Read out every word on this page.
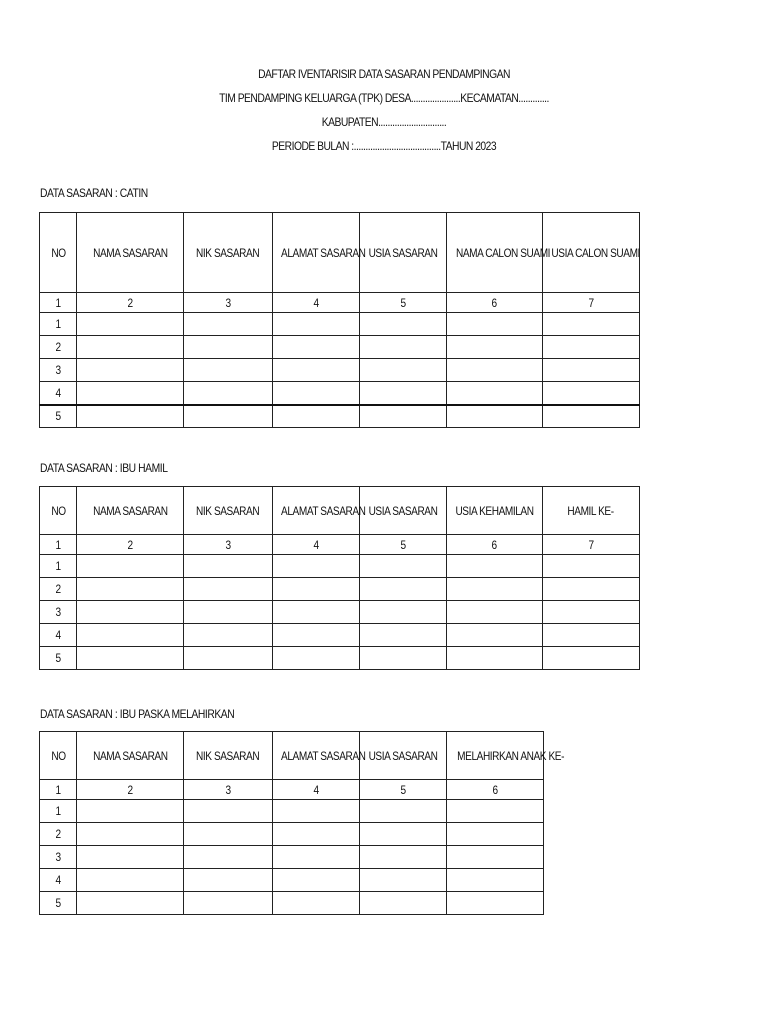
DAFTAR IVENTARISIR DATA SASARAN PENDAMPINGAN
TIM PENDAMPING KELUARGA (TPK) DESA.....................KECAMATAN.............
KABUPATEN.............................
PERIODE BULAN :.....................................TAHUN 2023
DATA SASARAN : CATIN
NO	NAMA SASARAN	NIK SASARAN	ALAMAT SASARAN	USIA SASARAN	NAMA CALON SUAMI	USIA CALON SUAMI
1	2	3	4	5	6	7
1						
2						
3						
4						
5						
DATA SASARAN : IBU HAMIL
NO	NAMA SASARAN	NIK SASARAN	ALAMAT SASARAN	USIA SASARAN	USIA KEHAMILAN	HAMIL KE-
1	2	3	4	5	6	7
1						
2						
3						
4						
5						
DATA SASARAN : IBU PASKA MELAHIRKAN
NO	NAMA SASARAN	NIK SASARAN	ALAMAT SASARAN	USIA SASARAN	MELAHIRKAN ANAK KE-
1	2	3	4	5	6
1					
2					
3					
4					
5					
